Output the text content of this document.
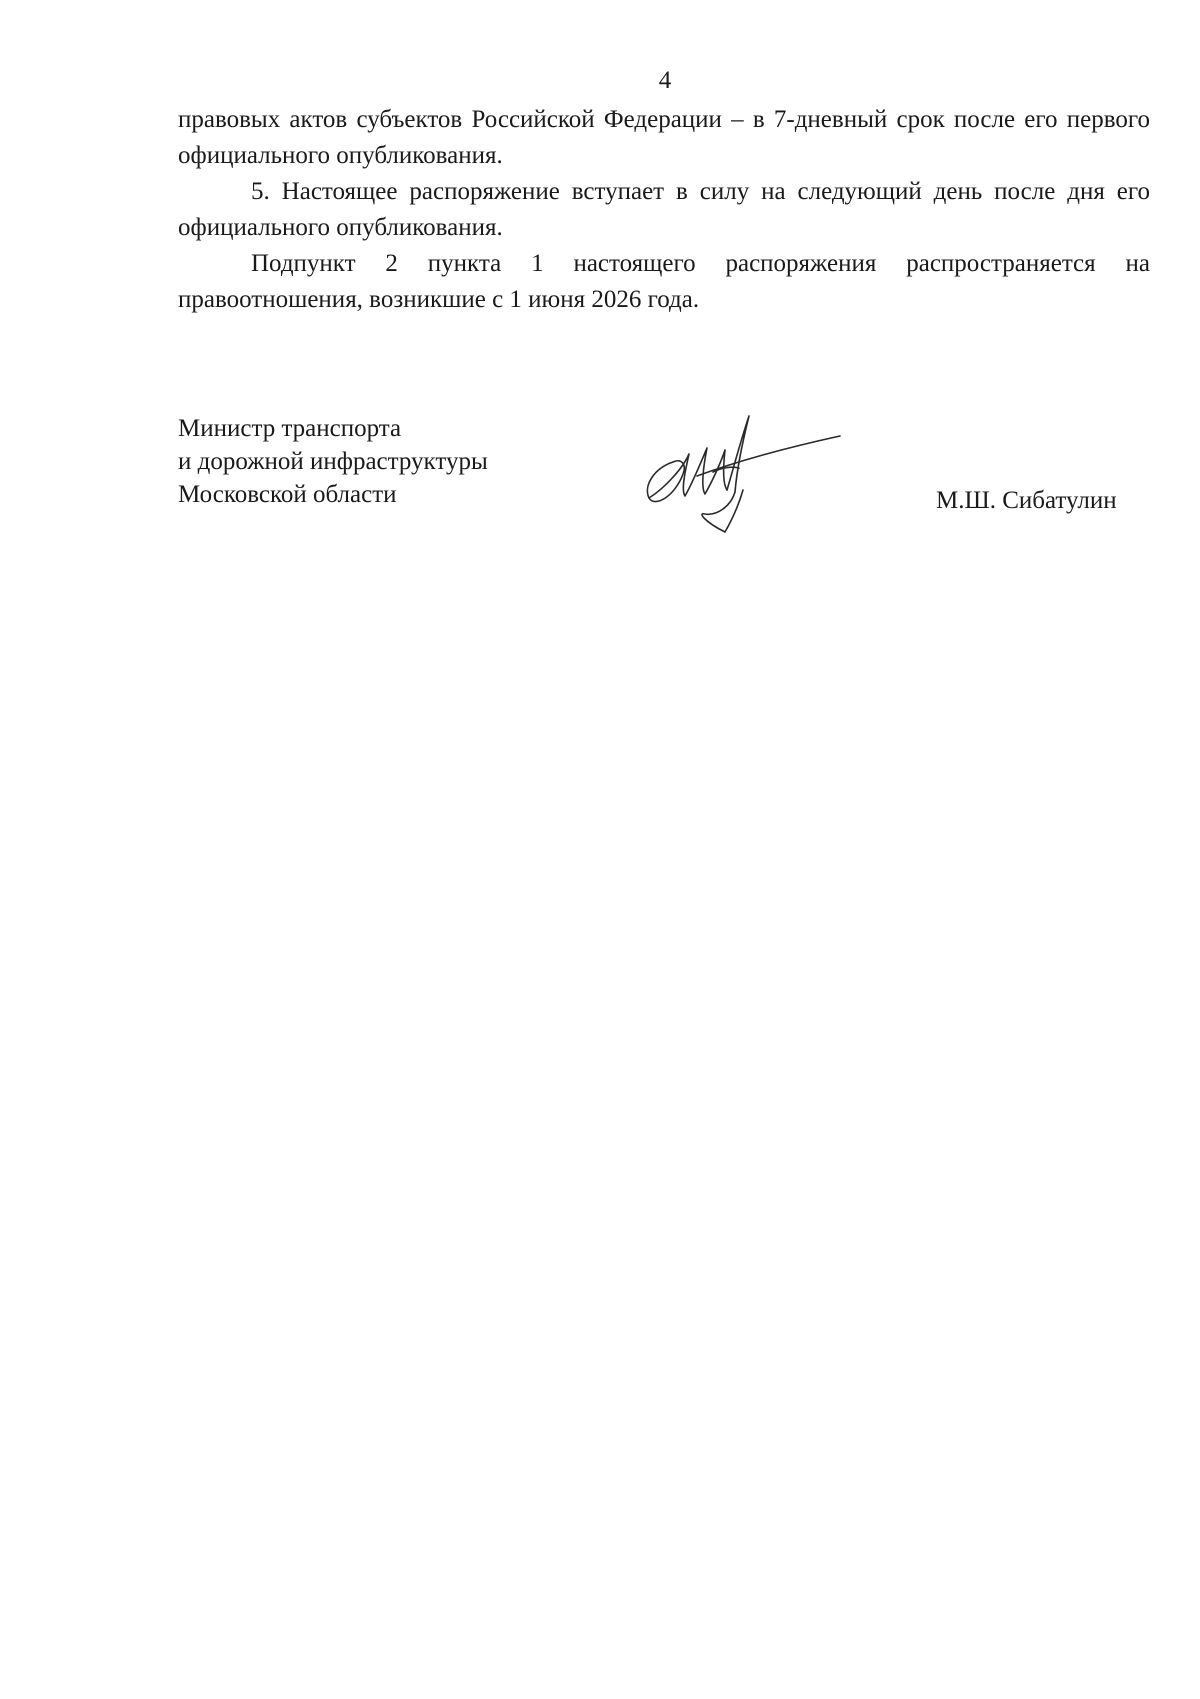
4

правовых актов субъектов Российской Федерации – в 7-дневный срок после его первого официального опубликования.

5. Настоящее распоряжение вступает в силу на следующий день после дня его официального опубликования.

Подпункт 2 пункта 1 настоящего распоряжения распространяется на правоотношения, возникшие с 1 июня 2026 года.

Министр транспорта
и дорожной инфраструктуры
Московской области	М.Ш. Сибатулин
